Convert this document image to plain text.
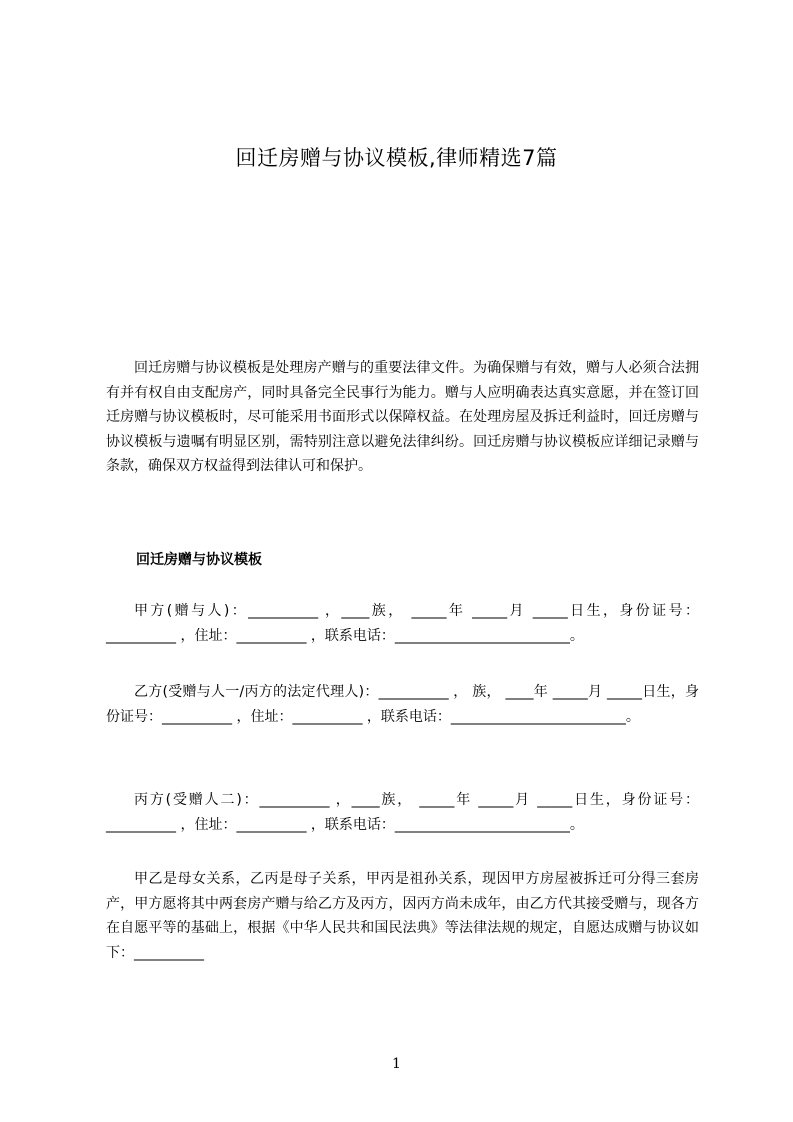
回迁房赠与协议模板,律师精选7篇

回迁房赠与协议模板是处理房产赠与的重要法律文件。为确保赠与有效，赠与人必须合法拥有并有权自由支配房产，同时具备完全民事行为能力。赠与人应明确表达真实意愿，并在签订回迁房赠与协议模板时，尽可能采用书面形式以保障权益。在处理房屋及拆迁利益时，回迁房赠与协议模板与遗嘱有明显区别，需特别注意以避免法律纠纷。回迁房赠与协议模板应详细记录赠与条款，确保双方权益得到法律认可和保护。

回迁房赠与协议模板

甲方(赠与人)：__________ ，____族， _____年 _____月 _____日生，身份证号：__________ ，住址：__________ ，联系电话：_________________________。

乙方(受赠与人一/丙方的法定代理人)：__________ ， 族， ____年 _____月 _____日生，身份证号：__________ ，住址：__________ ，联系电话：_________________________。

丙方(受赠人二)：__________ ，____族， _____年 _____月 _____日生，身份证号：__________ ，住址：__________ ，联系电话：_________________________。

甲乙是母女关系，乙丙是母子关系，甲丙是祖孙关系，现因甲方房屋被拆迁可分得三套房产，甲方愿将其中两套房产赠与给乙方及丙方，因丙方尚未成年，由乙方代其接受赠与，现各方在自愿平等的基础上，根据《中华人民共和国民法典》等法律法规的规定，自愿达成赠与协议如下：__________

1
